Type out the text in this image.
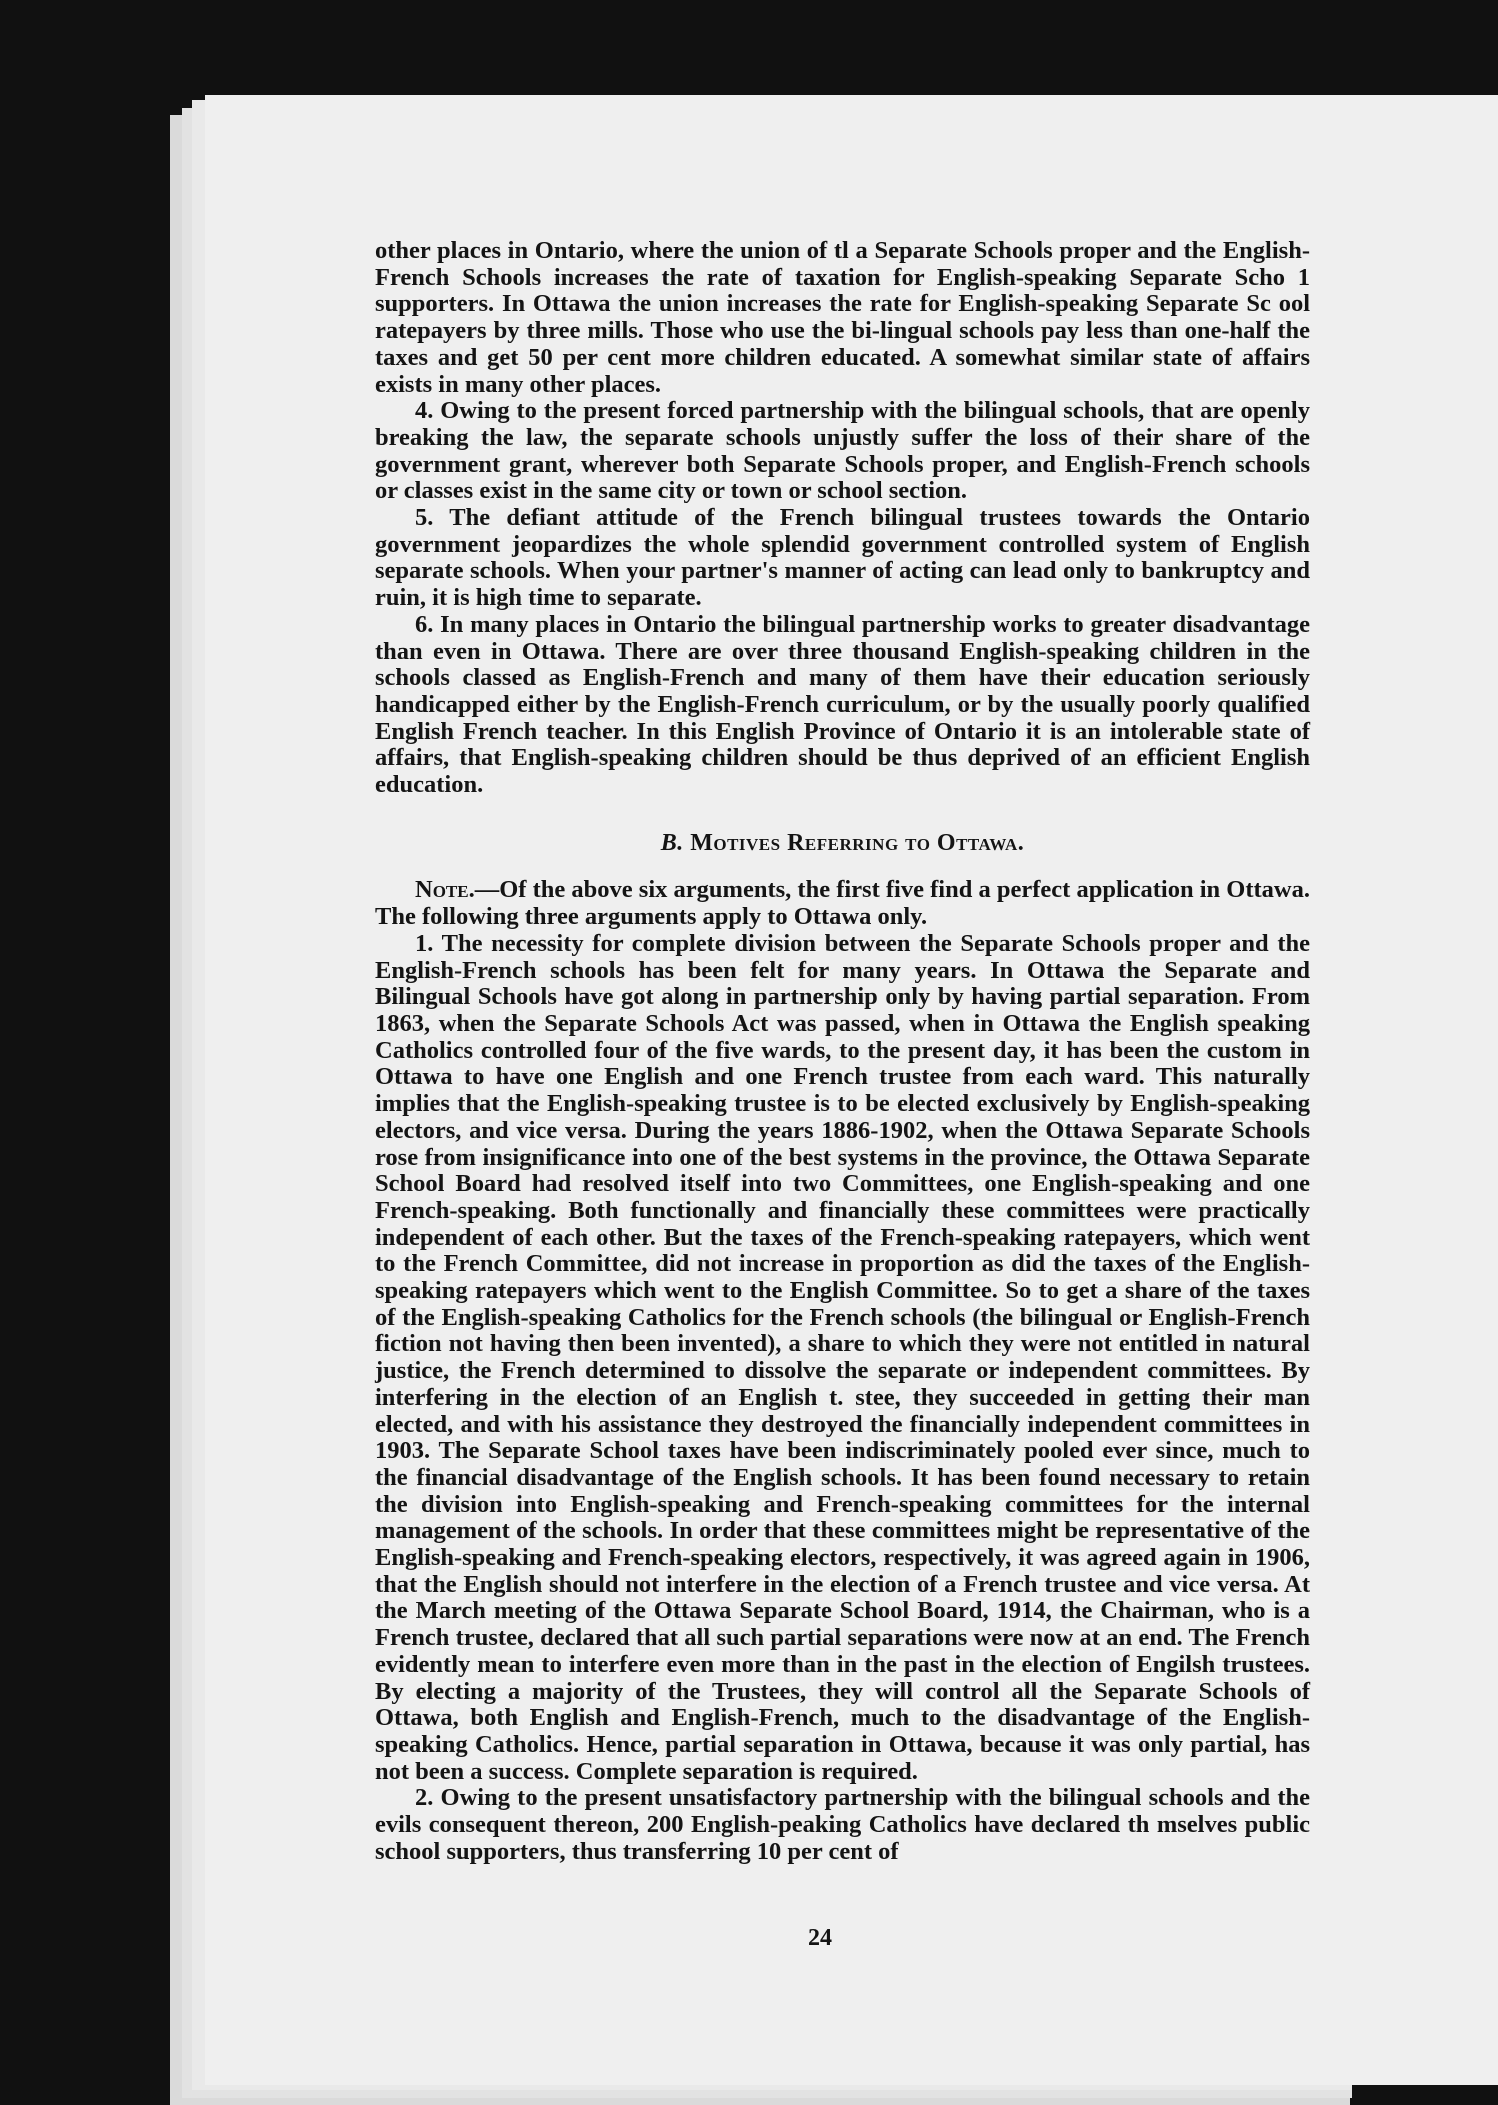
other places in Ontario, where the union of tl a Separate Schools proper and the English-French Schools increases the rate of taxation for English-speaking Separate Scho 1 supporters. In Ottawa the union increases the rate for English-speaking Separate Sc ool ratepayers by three mills. Those who use the bi-lingual schools pay less than one-half the taxes and get 50 per cent more children educated. A somewhat similar state of affairs exists in many other places.

4. Owing to the present forced partnership with the bilingual schools, that are openly breaking the law, the separate schools unjustly suffer the loss of their share of the government grant, wherever both Separate Schools proper, and English-French schools or classes exist in the same city or town or school section.

5. The defiant attitude of the French bilingual trustees towards the Ontario government jeopardizes the whole splendid government controlled system of English separate schools. When your partner's manner of acting can lead only to bankruptcy and ruin, it is high time to separate.

6. In many places in Ontario the bilingual partnership works to greater disadvantage than even in Ottawa. There are over three thousand English-speaking children in the schools classed as English-French and many of them have their education seriously handicapped either by the English-French curriculum, or by the usually poorly qualified English French teacher. In this English Province of Ontario it is an intolerable state of affairs, that English-speaking children should be thus deprived of an efficient English education.

B. Motives Referring to Ottawa.

Note.—Of the above six arguments, the first five find a perfect application in Ottawa. The following three arguments apply to Ottawa only.

1. The necessity for complete division between the Separate Schools proper and the English-French schools has been felt for many years. In Ottawa the Separate and Bilingual Schools have got along in partnership only by having partial separation. From 1863, when the Separate Schools Act was passed, when in Ottawa the English speaking Catholics controlled four of the five wards, to the present day, it has been the custom in Ottawa to have one English and one French trustee from each ward. This naturally implies that the English-speaking trustee is to be elected exclusively by English-speaking electors, and vice versa. During the years 1886-1902, when the Ottawa Separate Schools rose from insignificance into one of the best systems in the province, the Ottawa Separate School Board had resolved itself into two Committees, one English-speaking and one French-speaking. Both functionally and financially these committees were practically independent of each other. But the taxes of the French-speaking ratepayers, which went to the French Committee, did not increase in proportion as did the taxes of the English-speaking ratepayers which went to the English Committee. So to get a share of the taxes of the English-speaking Catholics for the French schools (the bilingual or English-French fiction not having then been invented), a share to which they were not entitled in natural justice, the French determined to dissolve the separate or independent committees. By interfering in the election of an English t. stee, they succeeded in getting their man elected, and with his assistance they destroyed the financially independent committees in 1903. The Separate School taxes have been indiscriminately pooled ever since, much to the financial disadvantage of the English schools. It has been found necessary to retain the division into English-speaking and French-speaking committees for the internal management of the schools. In order that these committees might be representative of the English-speaking and French-speaking electors, respectively, it was agreed again in 1906, that the English should not interfere in the election of a French trustee and vice versa. At the March meeting of the Ottawa Separate School Board, 1914, the Chairman, who is a French trustee, declared that all such partial separations were now at an end. The French evidently mean to interfere even more than in the past in the election of Engilsh trustees. By electing a majority of the Trustees, they will control all the Separate Schools of Ottawa, both English and English-French, much to the disadvantage of the English-speaking Catholics. Hence, partial separation in Ottawa, because it was only partial, has not been a success. Complete separation is required.

2. Owing to the present unsatisfactory partnership with the bilingual schools and the evils consequent thereon, 200 English-peaking Catholics have declared th mselves public school supporters, thus transferring 10 per cent of

24
